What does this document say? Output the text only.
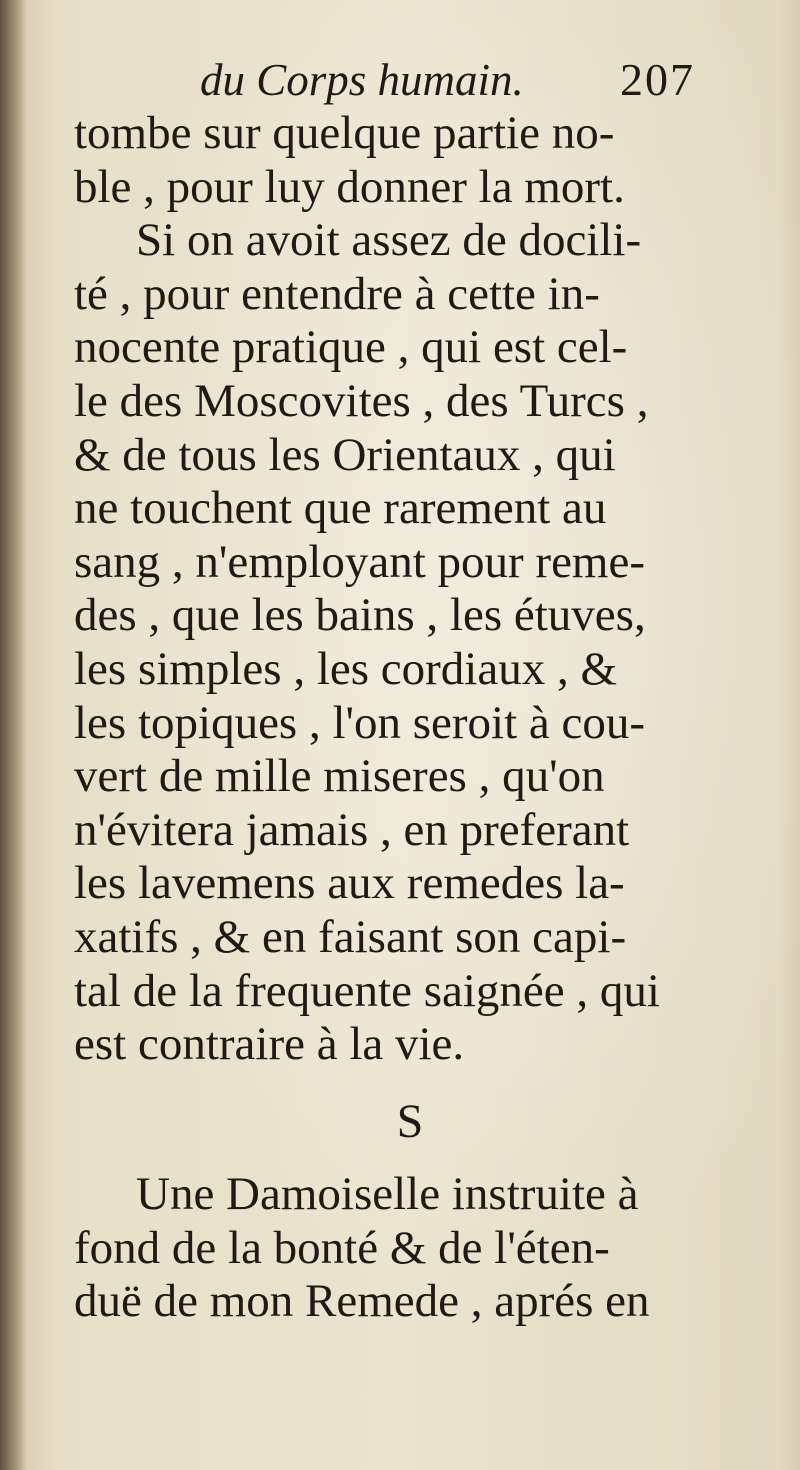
du Corps humain. 207
tombe sur quelque partie no-
ble , pour luy donner la mort.
Si on avoit assez de docili-
té , pour entendre à cette in-
nocente pratique , qui est cel-
le des Moscovites , des Turcs ,
& de tous les Orientaux , qui
ne touchent que rarement au
sang , n'employant pour reme-
des , que les bains , les étuves,
les simples , les cordiaux , &
les topiques , l'on seroit à cou-
vert de mille miseres , qu'on
n'évitera jamais , en preferant
les lavemens aux remedes la-
xatifs , & en faisant son capi-
tal de la frequente saignée , qui
est contraire à la vie.
S
Une Damoiselle instruite à
fond de la bonté & de l'éten-
duë de mon Remede , aprés en
